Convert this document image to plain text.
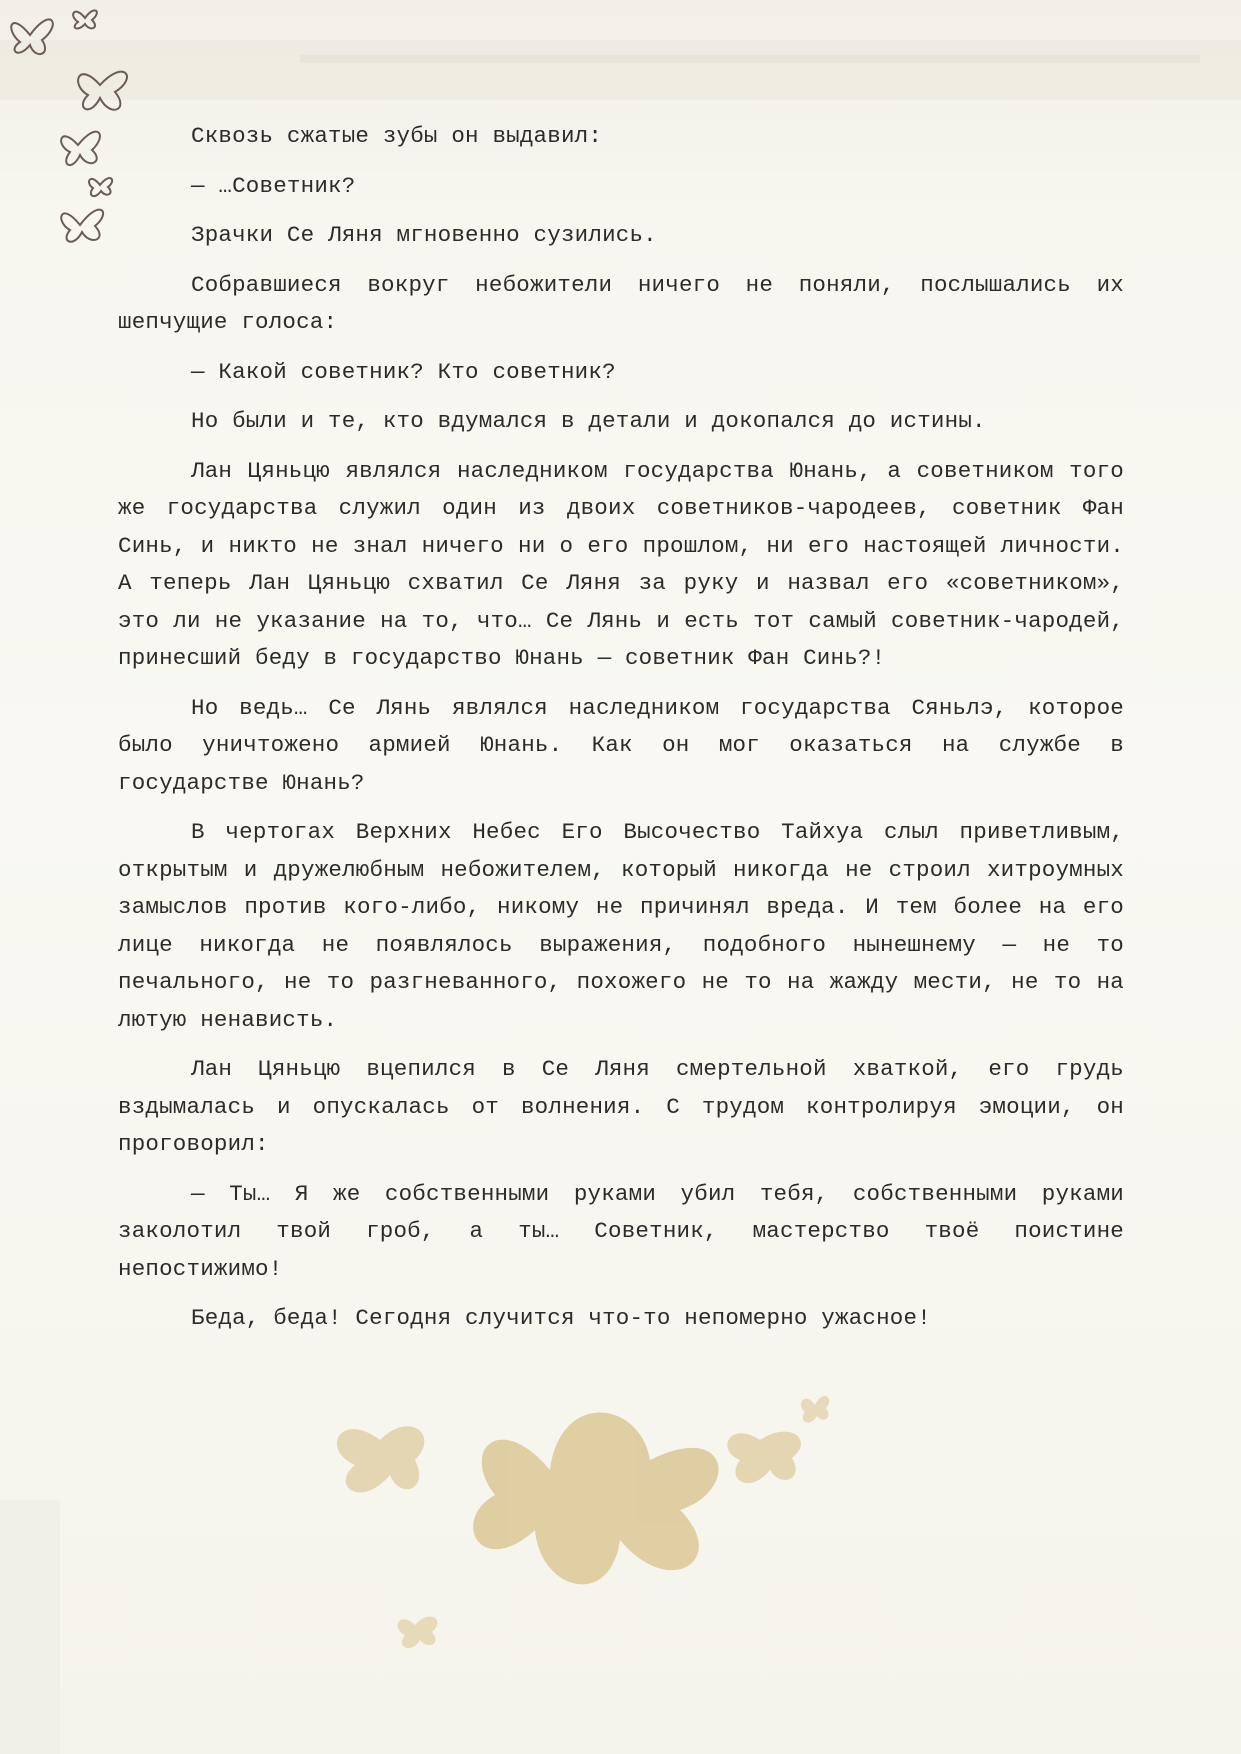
Сквозь сжатые зубы он выдавил:

— …Советник?

Зрачки Се Ляня мгновенно сузились.

Собравшиеся вокруг небожители ничего не поняли, послышались их шепчущие голоса:

— Какой советник? Кто советник?

Но были и те, кто вдумался в детали и докопался до истины.

Лан Цяньцю являлся наследником государства Юнань, а советником того же государства служил один из двоих советников-чародеев, советник Фан Синь, и никто не знал ничего ни о его прошлом, ни его настоящей личности. А теперь Лан Цяньцю схватил Се Ляня за руку и назвал его «советником», это ли не указание на то, что… Се Лянь и есть тот самый советник-чародей, принесший беду в государство Юнань — советник Фан Синь?!

Но ведь… Се Лянь являлся наследником государства Сяньлэ, которое было уничтожено армией Юнань. Как он мог оказаться на службе в государстве Юнань?

В чертогах Верхних Небес Его Высочество Тайхуа слыл приветливым, открытым и дружелюбным небожителем, который никогда не строил хитроумных замыслов против кого-либо, никому не причинял вреда. И тем более на его лице никогда не появлялось выражения, подобного нынешнему — не то печального, не то разгневанного, похожего не то на жажду мести, не то на лютую ненависть.

Лан Цяньцю вцепился в Се Ляня смертельной хваткой, его грудь вздымалась и опускалась от волнения. С трудом контролируя эмоции, он проговорил:

— Ты… Я же собственными руками убил тебя, собственными руками заколотил твой гроб, а ты… Советник, мастерство твоё поистине непостижимо!

Беда, беда! Сегодня случится что-то непомерно ужасное!
